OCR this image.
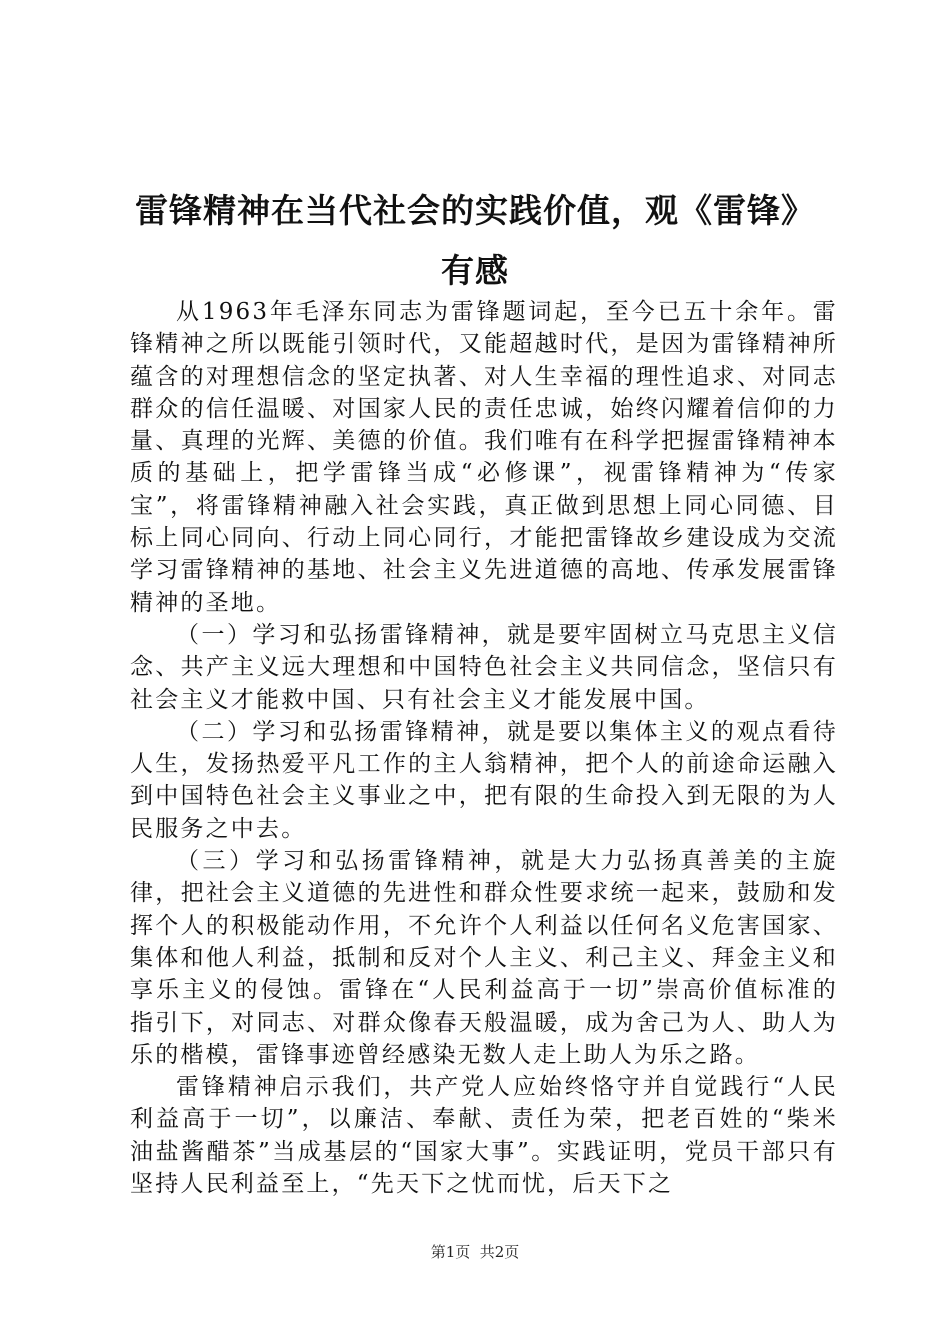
雷锋精神在当代社会的实践价值，观《雷锋》
有感

从1963年毛泽东同志为雷锋题词起，至今已五十余年。雷锋精神之所以既能引领时代，又能超越时代，是因为雷锋精神所蕴含的对理想信念的坚定执著、对人生幸福的理性追求、对同志群众的信任温暖、对国家人民的责任忠诚，始终闪耀着信仰的力量、真理的光辉、美德的价值。我们唯有在科学把握雷锋精神本质的基础上，把学雷锋当成“必修课”，视雷锋精神为“传家宝”，将雷锋精神融入社会实践，真正做到思想上同心同德、目标上同心同向、行动上同心同行，才能把雷锋故乡建设成为交流学习雷锋精神的基地、社会主义先进道德的高地、传承发展雷锋精神的圣地。

（一）学习和弘扬雷锋精神，就是要牢固树立马克思主义信念、共产主义远大理想和中国特色社会主义共同信念，坚信只有社会主义才能救中国、只有社会主义才能发展中国。

（二）学习和弘扬雷锋精神，就是要以集体主义的观点看待人生，发扬热爱平凡工作的主人翁精神，把个人的前途命运融入到中国特色社会主义事业之中，把有限的生命投入到无限的为人民服务之中去。

（三）学习和弘扬雷锋精神，就是大力弘扬真善美的主旋律，把社会主义道德的先进性和群众性要求统一起来，鼓励和发挥个人的积极能动作用，不允许个人利益以任何名义危害国家、集体和他人利益，抵制和反对个人主义、利己主义、拜金主义和享乐主义的侵蚀。雷锋在“人民利益高于一切”崇高价值标准的指引下，对同志、对群众像春天般温暖，成为舍己为人、助人为乐的楷模，雷锋事迹曾经感染无数人走上助人为乐之路。

雷锋精神启示我们，共产党人应始终恪守并自觉践行“人民利益高于一切”，以廉洁、奉献、责任为荣，把老百姓的“柴米油盐酱醋茶”当成基层的“国家大事”。实践证明，党员干部只有坚持人民利益至上，“先天下之忧而忧，后天下之

第1页  共2页
